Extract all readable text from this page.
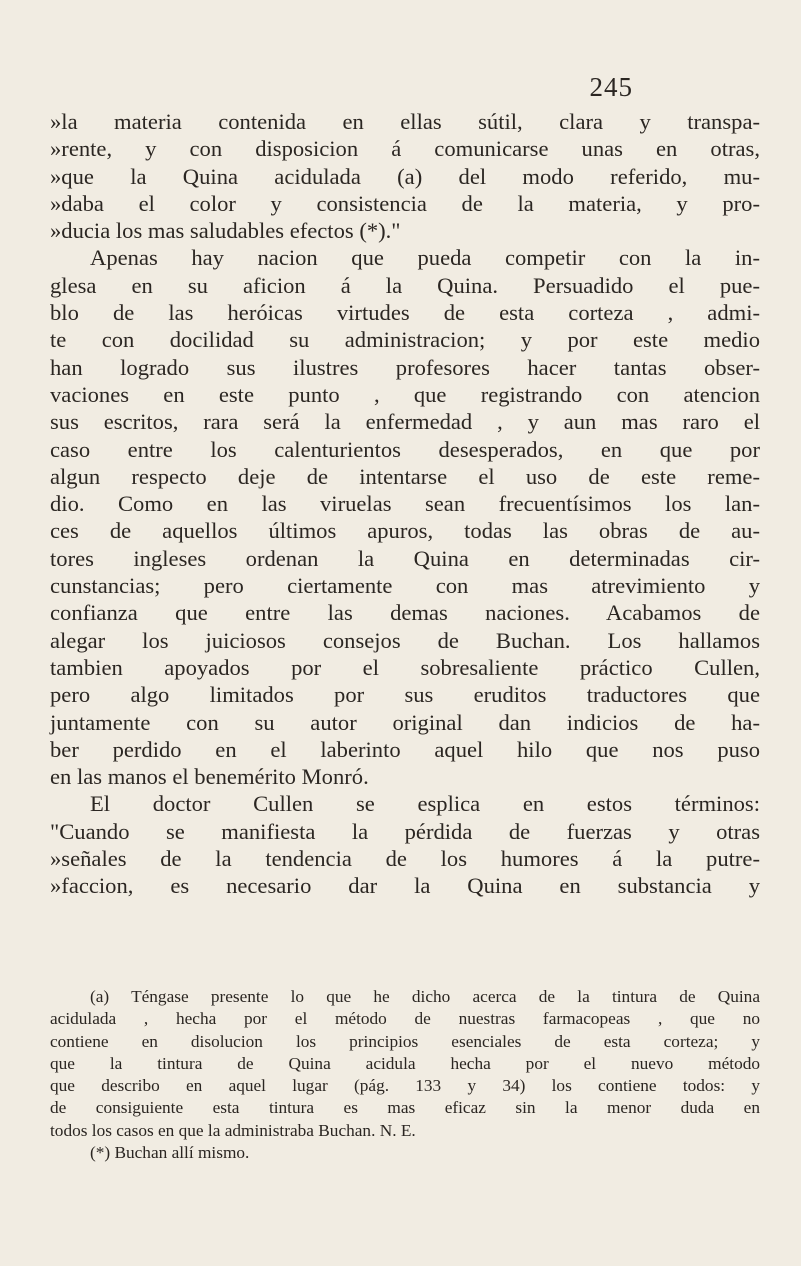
245
»la materia contenida en ellas sútil, clara y transpa-
»rente, y con disposicion á comunicarse unas en otras,
»que la Quina acidulada (a) del modo referido, mu-
»daba el color y consistencia de la materia, y pro-
»ducia los mas saludables efectos (*)."
Apenas hay nacion que pueda competir con la in-
glesa en su aficion á la Quina. Persuadido el pue-
blo de las heróicas virtudes de esta corteza , admi-
te con docilidad su administracion; y por este medio
han logrado sus ilustres profesores hacer tantas obser-
vaciones en este punto , que registrando con atencion
sus escritos, rara será la enfermedad , y aun mas raro el
caso entre los calenturientos desesperados, en que por
algun respecto deje de intentarse el uso de este reme-
dio. Como en las viruelas sean frecuentísimos los lan-
ces de aquellos últimos apuros, todas las obras de au-
tores ingleses ordenan la Quina en determinadas cir-
cunstancias; pero ciertamente con mas atrevimiento y
confianza que entre las demas naciones. Acabamos de
alegar los juiciosos consejos de Buchan. Los hallamos
tambien apoyados por el sobresaliente práctico Cullen,
pero algo limitados por sus eruditos traductores que
juntamente con su autor original dan indicios de ha-
ber perdido en el laberinto aquel hilo que nos puso
en las manos el benemérito Monró.
El doctor Cullen se esplica en estos términos:
"Cuando se manifiesta la pérdida de fuerzas y otras
»señales de la tendencia de los humores á la putre-
»faccion, es necesario dar la Quina en substancia y
(a) Téngase presente lo que he dicho acerca de la tintura de Quina
acidulada , hecha por el método de nuestras farmacopeas , que no
contiene en disolucion los principios esenciales de esta corteza; y
que la tintura de Quina acidula hecha por el nuevo método
que describo en aquel lugar (pág. 133 y 34) los contiene todos: y
de consiguiente esta tintura es mas eficaz sin la menor duda en
todos los casos en que la administraba Buchan. N. E.
(*) Buchan allí mismo.
